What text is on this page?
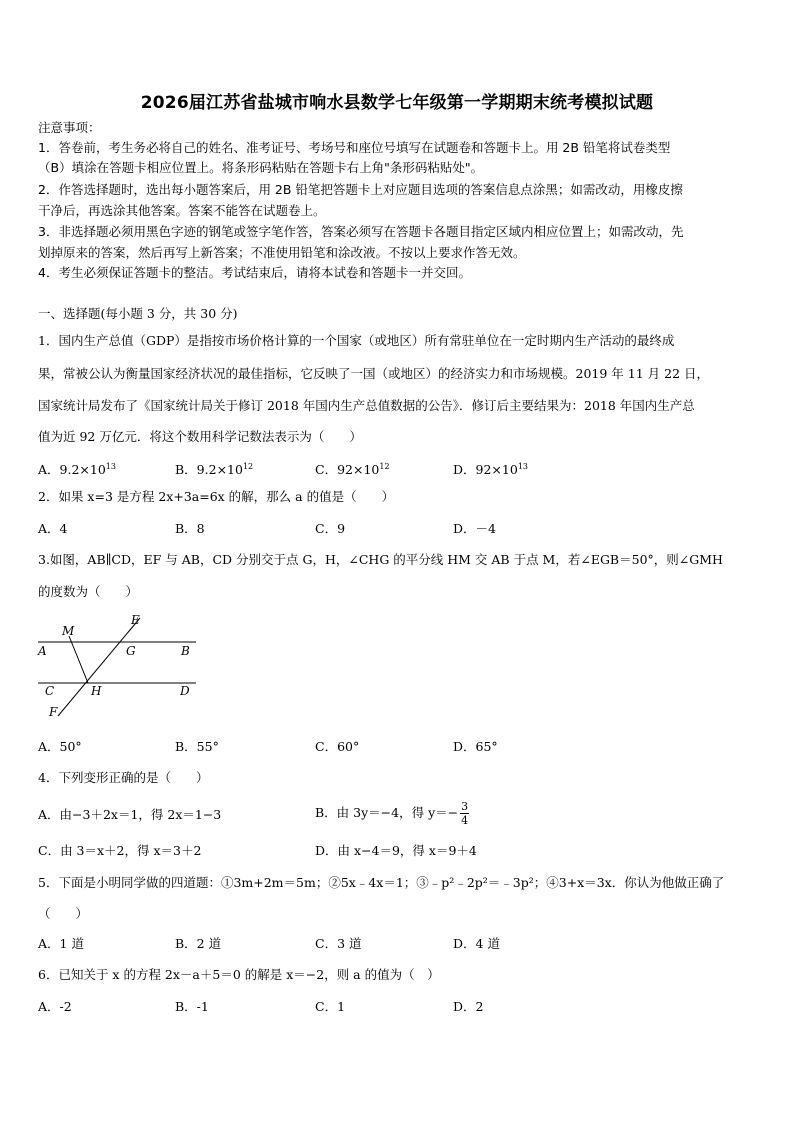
2026届江苏省盐城市响水县数学七年级第一学期期末统考模拟试题
注意事项：
1．答卷前，考生务必将自己的姓名、准考证号、考场号和座位号填写在试题卷和答题卡上。用 2B 铅笔将试卷类型
（B）填涂在答题卡相应位置上。将条形码粘贴在答题卡右上角"条形码粘贴处"。
2．作答选择题时，选出每小题答案后，用 2B 铅笔把答题卡上对应题目选项的答案信息点涂黑；如需改动，用橡皮擦
干净后，再选涂其他答案。答案不能答在试题卷上。
3．非选择题必须用黑色字迹的钢笔或签字笔作答，答案必须写在答题卡各题目指定区域内相应位置上；如需改动，先
划掉原来的答案，然后再写上新答案；不准使用铅笔和涂改液。不按以上要求作答无效。
4．考生必须保证答题卡的整洁。考试结束后，请将本试卷和答题卡一并交回。
一、选择题(每小题 3 分，共 30 分)
1．国内生产总值（GDP）是指按市场价格计算的一个国家（或地区）所有常驻单位在一定时期内生产活动的最终成
果，常被公认为衡量国家经济状况的最佳指标，它反映了一国（或地区）的经济实力和市场规模。2019 年 11 月 22 日，
国家统计局发布了《国家统计局关于修订 2018 年国内生产总值数据的公告》．修订后主要结果为：2018 年国内生产总
值为近 92 万亿元．将这个数用科学记数法表示为（　　）
A．$9.2\times 10^{13}$	B．$9.2\times 10^{12}$	C．$92\times 10^{12}$	D．$92\times 10^{13}$
2．如果 x=3 是方程 2x+3a=6x 的解，那么 a 的值是（　　）
A．4	B．8	C．9	D．－4
3.如图，AB∥CD，EF 与 AB，CD 分别交于点 G，H，∠CHG 的平分线 HM 交 AB 于点 M，若∠EGB＝50°，则∠GMH
的度数为（　　）
M
E
A	G	B
C	H	D
F
A．50°	B．55°	C．60°	D．65°
4．下列变形正确的是（　　）
A．由−3＋2x＝1，得 2x＝1−3	B．由 3y＝−4，得 $y=- \frac{3}{4}$
C．由 3＝x＋2，得 x＝3＋2	D．由 x−4＝9，得 x＝9＋4
5．下面是小明同学做的四道题：①3m+2m＝5m；②5x﹣4x＝1；③﹣p²﹣2p²＝﹣3p²；④3+x＝3x．你认为他做正确了
（　　）
A．1 道	B．2 道	C．3 道	D．4 道
6．已知关于 x 的方程 2x－a＋5＝0 的解是 x＝−2，则 a 的值为（　）
A．-2	B．-1	C．1	D．2
